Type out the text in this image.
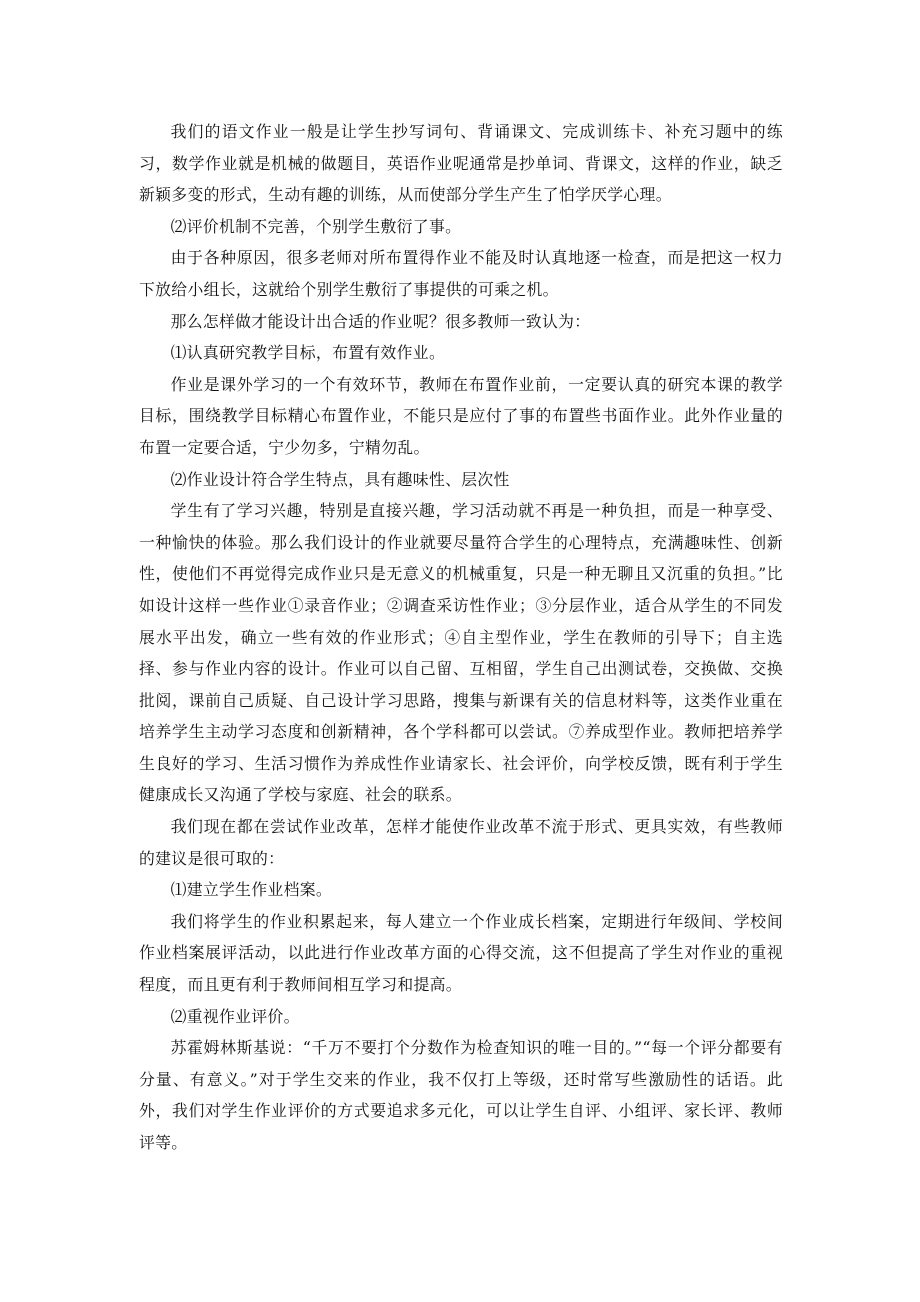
我们的语文作业一般是让学生抄写词句、背诵课文、完成训练卡、补充习题中的练习，数学作业就是机械的做题目，英语作业呢通常是抄单词、背课文，这样的作业，缺乏新颖多变的形式，生动有趣的训练，从而使部分学生产生了怕学厌学心理。

⑵评价机制不完善，个别学生敷衍了事。

由于各种原因，很多老师对所布置得作业不能及时认真地逐一检查，而是把这一权力下放给小组长，这就给个别学生敷衍了事提供的可乘之机。

那么怎样做才能设计出合适的作业呢？很多教师一致认为：

⑴认真研究教学目标，布置有效作业。

作业是课外学习的一个有效环节，教师在布置作业前，一定要认真的研究本课的教学目标，围绕教学目标精心布置作业，不能只是应付了事的布置些书面作业。此外作业量的布置一定要合适，宁少勿多，宁精勿乱。

⑵作业设计符合学生特点，具有趣味性、层次性

学生有了学习兴趣，特别是直接兴趣，学习活动就不再是一种负担，而是一种享受、一种愉快的体验。那么我们设计的作业就要尽量符合学生的心理特点，充满趣味性、创新性，使他们不再觉得完成作业只是无意义的机械重复，只是一种无聊且又沉重的负担。”比如设计这样一些作业①录音作业；②调查采访性作业；③分层作业，适合从学生的不同发展水平出发，确立一些有效的作业形式；④自主型作业，学生在教师的引导下；自主选择、参与作业内容的设计。作业可以自己留、互相留，学生自己出测试卷，交换做、交换批阅，课前自己质疑、自己设计学习思路，搜集与新课有关的信息材料等，这类作业重在培养学生主动学习态度和创新精神，各个学科都可以尝试。⑦养成型作业。教师把培养学生良好的学习、生活习惯作为养成性作业请家长、社会评价，向学校反馈，既有利于学生健康成长又沟通了学校与家庭、社会的联系。

我们现在都在尝试作业改革，怎样才能使作业改革不流于形式、更具实效，有些教师的建议是很可取的：

⑴建立学生作业档案。

我们将学生的作业积累起来，每人建立一个作业成长档案，定期进行年级间、学校间作业档案展评活动，以此进行作业改革方面的心得交流，这不但提高了学生对作业的重视程度，而且更有利于教师间相互学习和提高。

⑵重视作业评价。

苏霍姆林斯基说：“千万不要打个分数作为检查知识的唯一目的。”“每一个评分都要有分量、有意义。”对于学生交来的作业，我不仅打上等级，还时常写些激励性的话语。此外，我们对学生作业评价的方式要追求多元化，可以让学生自评、小组评、家长评、教师评等。
